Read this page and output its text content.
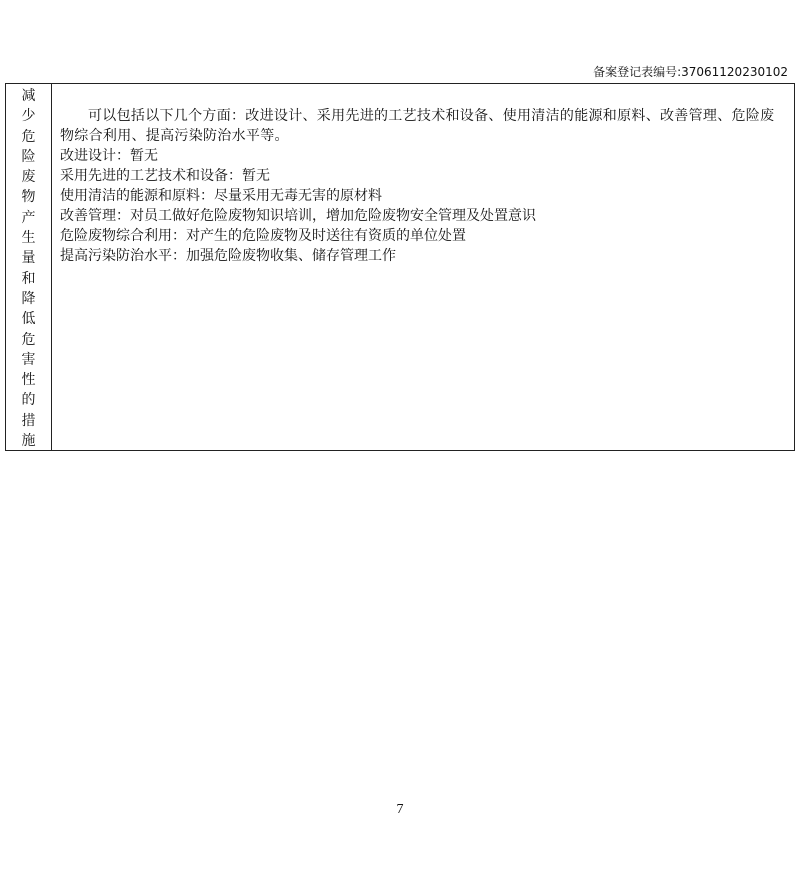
备案登记表编号:37061120230102
减
少
危
险
废
物
产
生
量
和
降
低
危
害
性
的
措
施

可以包括以下几个方面：改进设计、采用先进的工艺技术和设备、使用清洁的能源和原料、改善管理、危险废物综合利用、提高污染防治水平等。

改进设计：暂无

采用先进的工艺技术和设备：暂无

使用清洁的能源和原料：尽量采用无毒无害的原材料

改善管理：对员工做好危险废物知识培训，增加危险废物安全管理及处置意识

危险废物综合利用：对产生的危险废物及时送往有资质的单位处置

提高污染防治水平：加强危险废物收集、储存管理工作

7
